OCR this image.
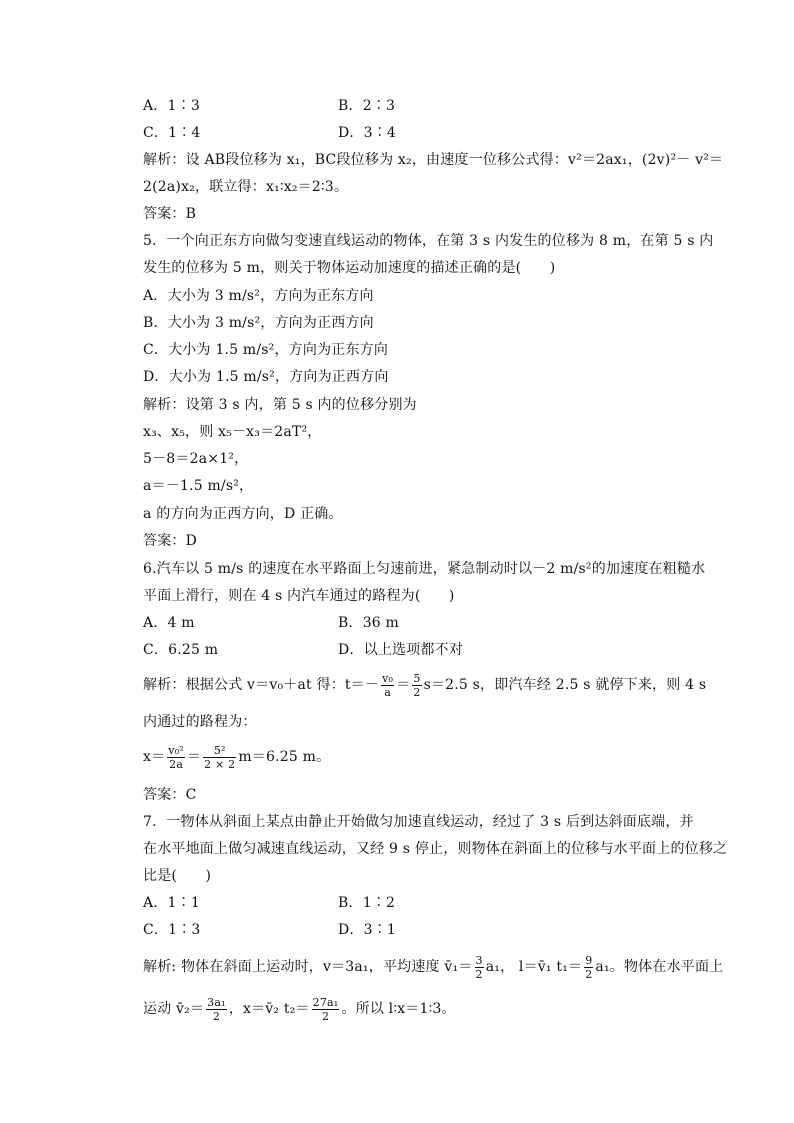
A．1∶3	B．2∶3
C．1∶4	D．3∶4
解析：设 AB段位移为 x₁，BC段位移为 x₂，由速度一位移公式得：v²＝2ax₁，(2v)²－ v²＝
2(2a)x₂，联立得：x₁∶x₂＝2∶3。
答案：B
5．一个向正东方向做匀变速直线运动的物体，在第 3 s 内发生的位移为 8 m，在第 5 s 内
发生的位移为 5 m，则关于物体运动加速度的描述正确的是(　　)
A．大小为 3 m/s²，方向为正东方向
B．大小为 3 m/s²，方向为正西方向
C．大小为 1.5 m/s²，方向为正东方向
D．大小为 1.5 m/s²，方向为正西方向
解析：设第 3 s 内，第 5 s 内的位移分别为
x₃、x₅，则 x₅－x₃＝2aT²，
5－8＝2a×1²，
a＝－1.5 m/s²，
a 的方向为正西方向，D 正确。
答案：D
6.汽车以 5 m/s 的速度在水平路面上匀速前进，紧急制动时以－2 m/s²的加速度在粗糙水
平面上滑行，则在 4 s 内汽车通过的路程为(　　)
A．4 m	B．36 m
C．6.25 m	D．以上选项都不对
解析：根据公式 v＝v₀＋at 得：$t=- \frac{\text{v₀}}{a} = \frac{5}{2} s=2.5$ s，即汽车经 2.5 s 就停下来，则 4 s
内通过的路程为：
$x= \frac{\text{v₀²}}{2a} = \frac{\text{5²}}{2 \times 2} m=6.25$ m。
答案：C
7．一物体从斜面上某点由静止开始做匀加速直线运动，经过了 3 s 后到达斜面底端，并
在水平地面上做匀减速直线运动，又经 9 s 停止，则物体在斜面上的位移与水平面上的位移之
比是(　　)
A．1∶1	B．1∶2
C．1∶3	D．3∶1
解析: 物体在斜面上运动时，v＝3a₁，平均速度 v̄₁＝ $\frac{3}{2} a_1$， l＝v̄₁ $t_1= \frac{9}{2} a_1$。物体在水平面上
运动 v̄₂＝ $\frac{\text{3a₁}}{2}$ ，x＝v̄₂ $t_2= \frac{\text{27a₁}}{2}$ 。所以 l∶x＝1∶3。
